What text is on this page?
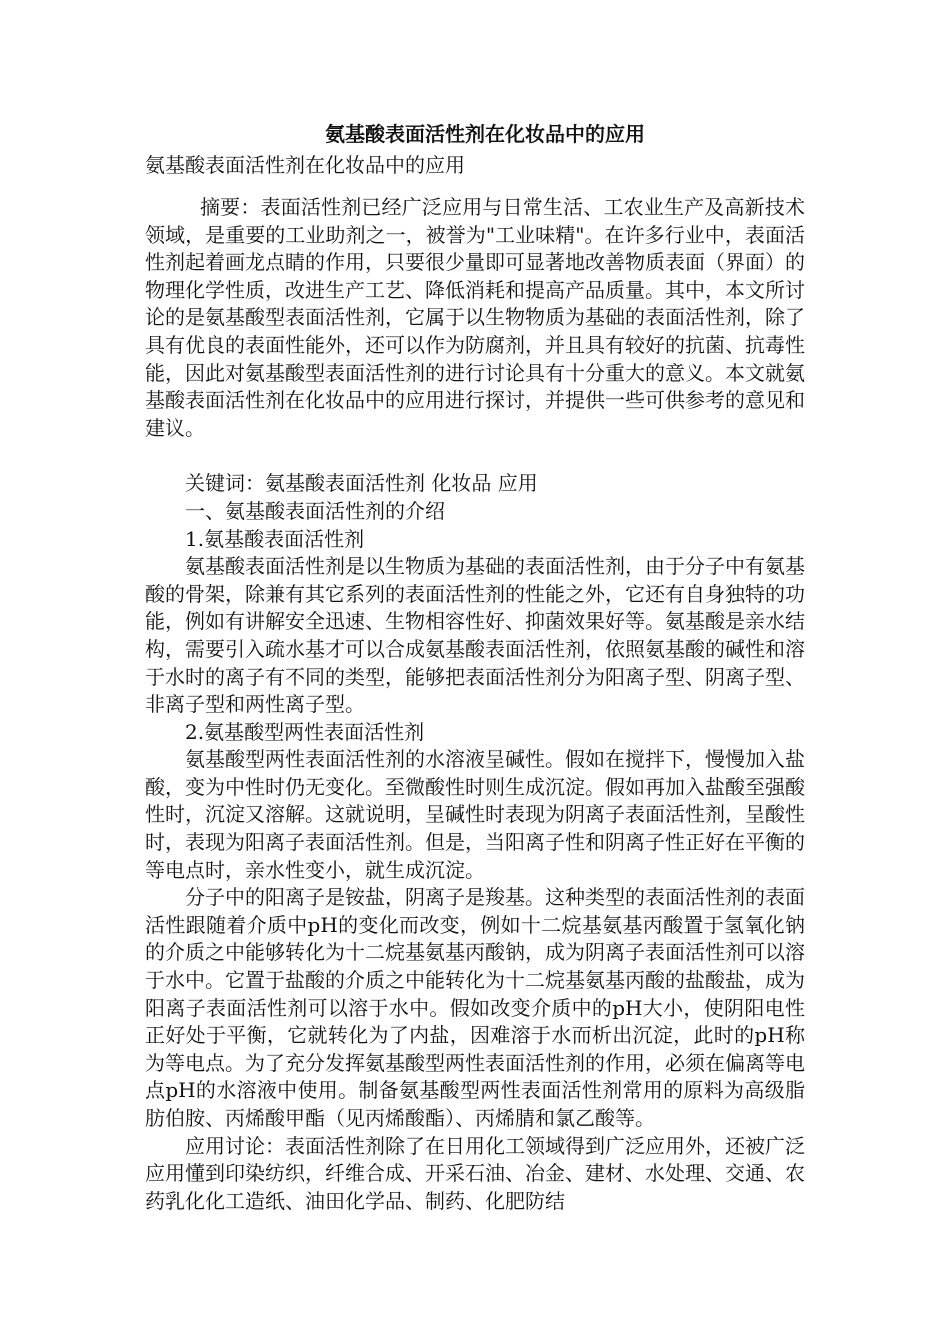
氨基酸表面活性剂在化妆品中的应用

氨基酸表面活性剂在化妆品中的应用

摘要：表面活性剂已经广泛应用与日常生活、工农业生产及高新技术领域，是重要的工业助剂之一，被誉为"工业味精"。在许多行业中，表面活性剂起着画龙点睛的作用，只要很少量即可显著地改善物质表面（界面）的物理化学性质，改进生产工艺、降低消耗和提高产品质量。其中，本文所讨论的是氨基酸型表面活性剂，它属于以生物物质为基础的表面活性剂，除了具有优良的表面性能外，还可以作为防腐剂，并且具有较好的抗菌、抗毒性能，因此对氨基酸型表面活性剂的进行讨论具有十分重大的意义。本文就氨基酸表面活性剂在化妆品中的应用进行探讨，并提供一些可供参考的意见和建议。

关键词：氨基酸表面活性剂 化妆品 应用

一、氨基酸表面活性剂的介绍

1.氨基酸表面活性剂

氨基酸表面活性剂是以生物质为基础的表面活性剂，由于分子中有氨基酸的骨架，除兼有其它系列的表面活性剂的性能之外，它还有自身独特的功能，例如有讲解安全迅速、生物相容性好、抑菌效果好等。氨基酸是亲水结构，需要引入疏水基才可以合成氨基酸表面活性剂，依照氨基酸的碱性和溶于水时的离子有不同的类型，能够把表面活性剂分为阳离子型、阴离子型、非离子型和两性离子型。

2.氨基酸型两性表面活性剂

氨基酸型两性表面活性剂的水溶液呈碱性。假如在搅拌下，慢慢加入盐酸，变为中性时仍无变化。至微酸性时则生成沉淀。假如再加入盐酸至强酸性时，沉淀又溶解。这就说明，呈碱性时表现为阴离子表面活性剂，呈酸性时，表现为阳离子表面活性剂。但是，当阳离子性和阴离子性正好在平衡的等电点时，亲水性变小，就生成沉淀。

分子中的阳离子是铵盐，阴离子是羧基。这种类型的表面活性剂的表面活性跟随着介质中pH的变化而改变，例如十二烷基氨基丙酸置于氢氧化钠的介质之中能够转化为十二烷基氨基丙酸钠，成为阴离子表面活性剂可以溶于水中。它置于盐酸的介质之中能转化为十二烷基氨基丙酸的盐酸盐，成为阳离子表面活性剂可以溶于水中。假如改变介质中的pH大小，使阴阳电性正好处于平衡，它就转化为了内盐，因难溶于水而析出沉淀，此时的pH称为等电点。为了充分发挥氨基酸型两性表面活性剂的作用，必须在偏离等电点pH的水溶液中使用。制备氨基酸型两性表面活性剂常用的原料为高级脂肪伯胺、丙烯酸甲酯（见丙烯酸酯）、丙烯腈和氯乙酸等。

应用讨论：表面活性剂除了在日用化工领域得到广泛应用外，还被广泛应用懂到印染纺织，纤维合成、开采石油、冶金、建材、水处理、交通、农药乳化化工造纸、油田化学品、制药、化肥防结
